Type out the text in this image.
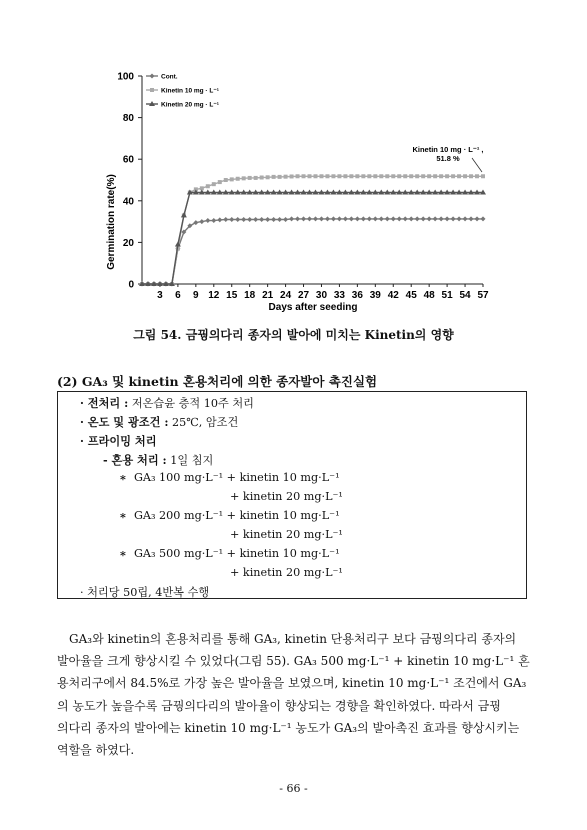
0
20
40
60
80
100
3 6 9 12 15 18 21 24 27 30 33 36 39 42 45 48 51 54 57
Cont.
Kinetin 10 mg · L⁻¹
Kinetin 20 mg · L⁻¹
Kinetin 10 mg · L⁻¹ ,
51.8 %
Germination rate(%)
Days after seeding
그림 54. 금꿩의다리 종자의 발아에 미치는 Kinetin의 영향
(2) GA₃ 및 kinetin 혼용처리에 의한 종자발아 촉진실험
· 전처리 : 저온습윤 층적 10주 처리
· 온도 및 광조건 : 25℃, 암조건
· 프라이밍 처리
- 혼용 처리 : 1일 침지
* GA₃ 100 mg·L⁻¹ + kinetin 10 mg·L⁻¹
+ kinetin 20 mg·L⁻¹
* GA₃ 200 mg·L⁻¹ + kinetin 10 mg·L⁻¹
+ kinetin 20 mg·L⁻¹
* GA₃ 500 mg·L⁻¹ + kinetin 10 mg·L⁻¹
+ kinetin 20 mg·L⁻¹
· 처리당 50립, 4반복 수행
GA₃와 kinetin의 혼용처리를 통해 GA₃, kinetin 단용처리구 보다 금꿩의다리 종자의
발아율을 크게 향상시킬 수 있었다(그림 55). GA₃ 500 mg·L⁻¹ + kinetin 10 mg·L⁻¹ 혼
용처리구에서 84.5%로 가장 높은 발아율을 보였으며, kinetin 10 mg·L⁻¹ 조건에서 GA₃
의 농도가 높을수록 금꿩의다리의 발아율이 향상되는 경향을 확인하였다. 따라서 금꿩
의다리 종자의 발아에는 kinetin 10 mg·L⁻¹ 농도가 GA₃의 발아촉진 효과를 향상시키는
역할을 하였다.
- 66 -
